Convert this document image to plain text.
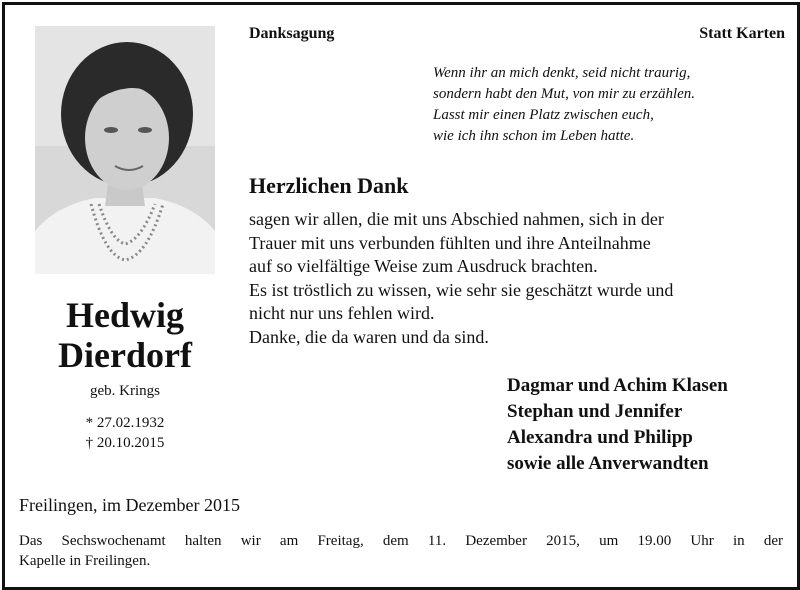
Hedwig
Dierdorf
geb. Krings
* 27.02.1932
† 20.10.2015
Danksagung	Statt Karten
Wenn ihr an mich denkt, seid nicht traurig,
sondern habt den Mut, von mir zu erzählen.
Lasst mir einen Platz zwischen euch,
wie ich ihn schon im Leben hatte.
Herzlichen Dank
sagen wir allen, die mit uns Abschied nahmen, sich in der
Trauer mit uns verbunden fühlten und ihre Anteilnahme
auf so vielfältige Weise zum Ausdruck brachten.
Es ist tröstlich zu wissen, wie sehr sie geschätzt wurde und
nicht nur uns fehlen wird.
Danke, die da waren und da sind.
Dagmar und Achim Klasen
Stephan und Jennifer
Alexandra und Philipp
sowie alle Anverwandten
Freilingen, im Dezember 2015
Das Sechswochenamt halten wir am Freitag, dem 11. Dezember 2015, um 19.00 Uhr in der
Kapelle in Freilingen.
